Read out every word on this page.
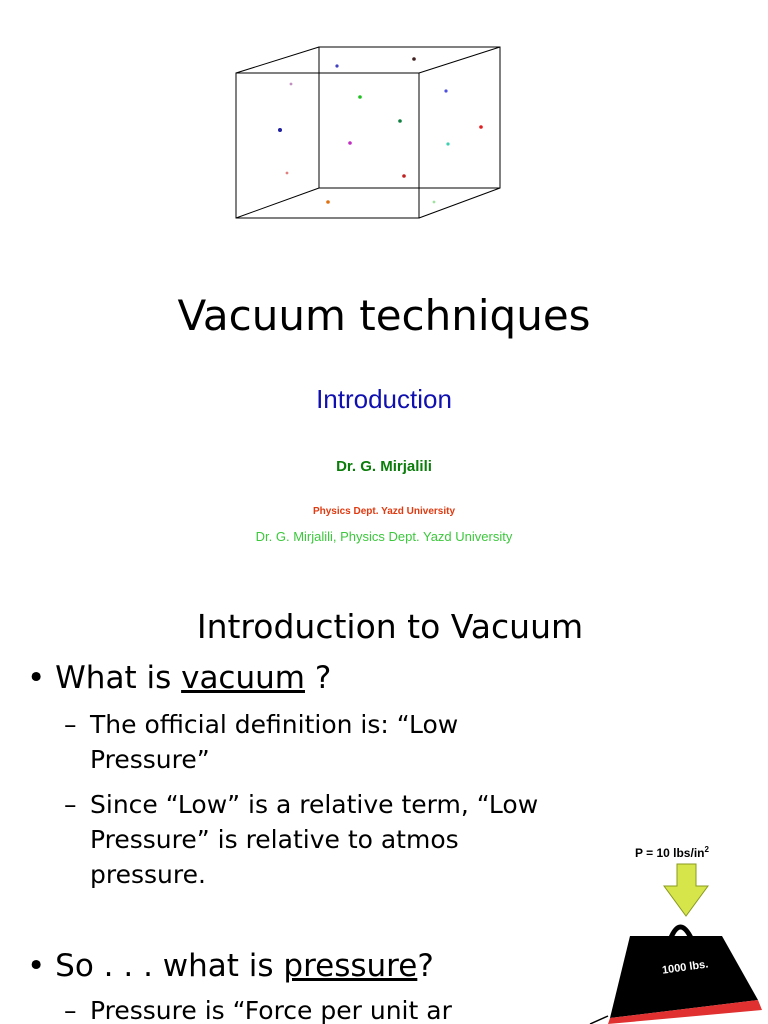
Vacuum techniques
Introduction
Dr. G. Mirjalili
Physics Dept. Yazd University
Dr. G. Mirjalili, Physics Dept. Yazd University
Introduction to Vacuum
• What is vacuum ?
– The official definition is: “Low
Pressure”
– Since “Low” is a relative term, “Low
Pressure” is relative to atmos
pressure.
• So . . . what is pressure?
– Pressure is “Force per unit ar
P = 10 lbs/$in^2$
1000 lbs.
